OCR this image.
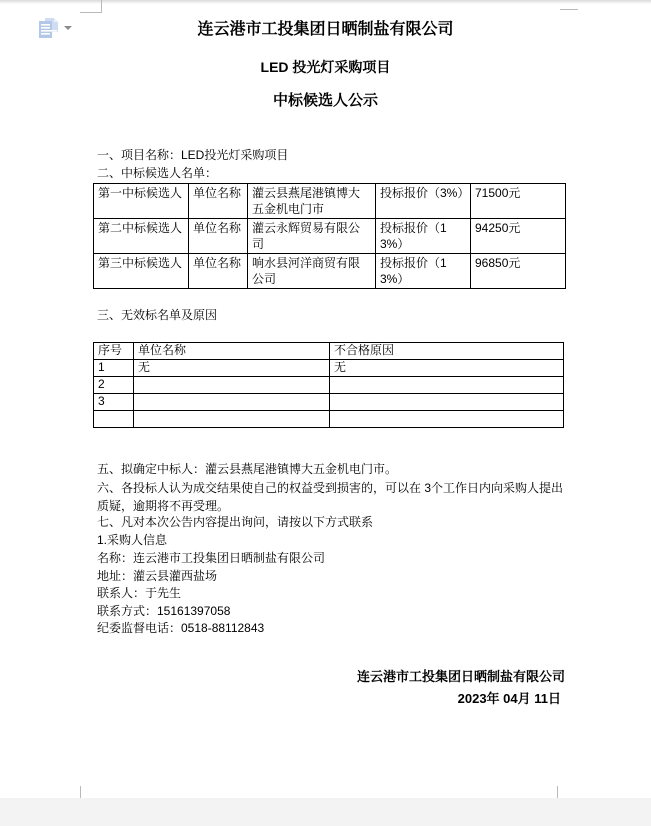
连云港市工投集团日晒制盐有限公司
LED 投光灯采购项目
中标候选人公示
一、项目名称：LED投光灯采购项目
二、中标候选人名单：
第一中标候选人	单位名称	灌云县燕尾港镇博大五金机电门市	投标报价（3%）	71500元
第二中标候选人	单位名称	灌云永辉贸易有限公司	投标报价（13%）	94250元
第三中标候选人	单位名称	响水县河洋商贸有限公司	投标报价（13%）	96850元
三、无效标名单及原因
序号	单位名称	不合格原因
1	无	无
2		
3		

五、拟确定中标人：灌云县燕尾港镇博大五金机电门市。
六、各投标人认为成交结果使自己的权益受到损害的，可以在 3个工作日内向采购人提出质疑，逾期将不再受理。
七、凡对本次公告内容提出询问，请按以下方式联系
1.采购人信息
名称：连云港市工投集团日晒制盐有限公司
地址：灌云县灌西盐场
联系人：于先生
联系方式：15161397058
纪委监督电话：0518-88112843
连云港市工投集团日晒制盐有限公司
2023年 04月 11日
